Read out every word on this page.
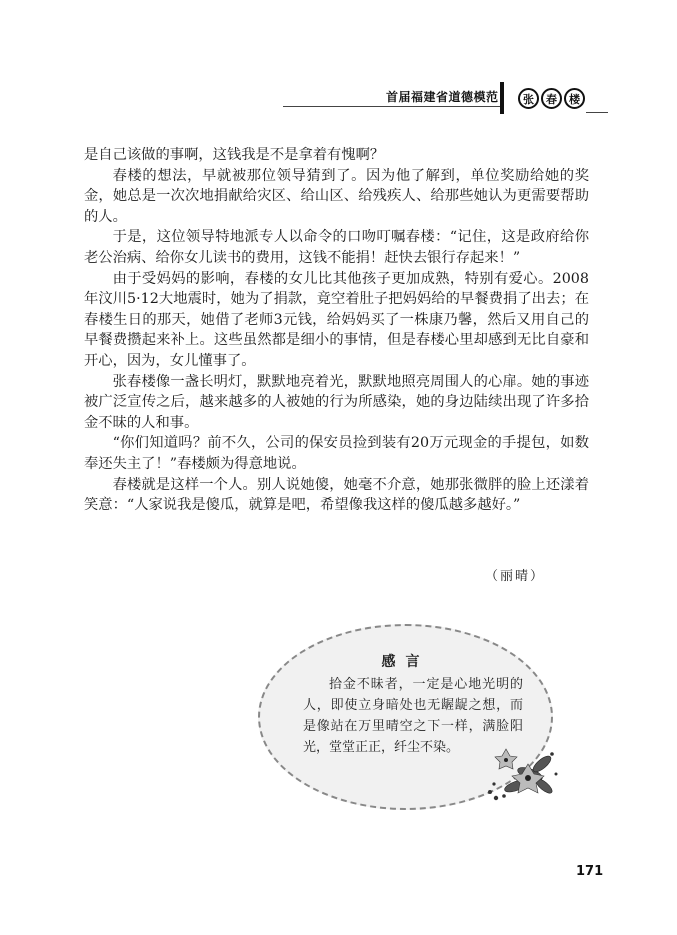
首届福建省道德模范	张	春	楼

是自己该做的事啊，这钱我是不是拿着有愧啊？

春楼的想法，早就被那位领导猜到了。因为他了解到，单位奖励给她的奖金，她总是一次次地捐献给灾区、给山区、给残疾人、给那些她认为更需要帮助的人。

于是，这位领导特地派专人以命令的口吻叮嘱春楼：“记住，这是政府给你老公治病、给你女儿读书的费用，这钱不能捐！赶快去银行存起来！”

由于受妈妈的影响，春楼的女儿比其他孩子更加成熟，特别有爱心。2008年汶川5·12大地震时，她为了捐款，竟空着肚子把妈妈给的早餐费捐了出去；在春楼生日的那天，她借了老师3元钱，给妈妈买了一株康乃馨，然后又用自己的早餐费攒起来补上。这些虽然都是细小的事情，但是春楼心里却感到无比自豪和开心，因为，女儿懂事了。

张春楼像一盏长明灯，默默地亮着光，默默地照亮周围人的心扉。她的事迹被广泛宣传之后，越来越多的人被她的行为所感染，她的身边陆续出现了许多拾金不昧的人和事。

“你们知道吗？前不久，公司的保安员捡到装有20万元现金的手提包，如数奉还失主了！”春楼颇为得意地说。

春楼就是这样一个人。别人说她傻，她毫不介意，她那张微胖的脸上还漾着笑意：“人家说我是傻瓜，就算是吧，希望像我这样的傻瓜越多越好。”

（丽晴）
感言
拾金不昧者，一定是心地光明的人，即使立身暗处也无龌龊之想，而是像站在万里晴空之下一样，满脸阳光，堂堂正正，纤尘不染。
171
